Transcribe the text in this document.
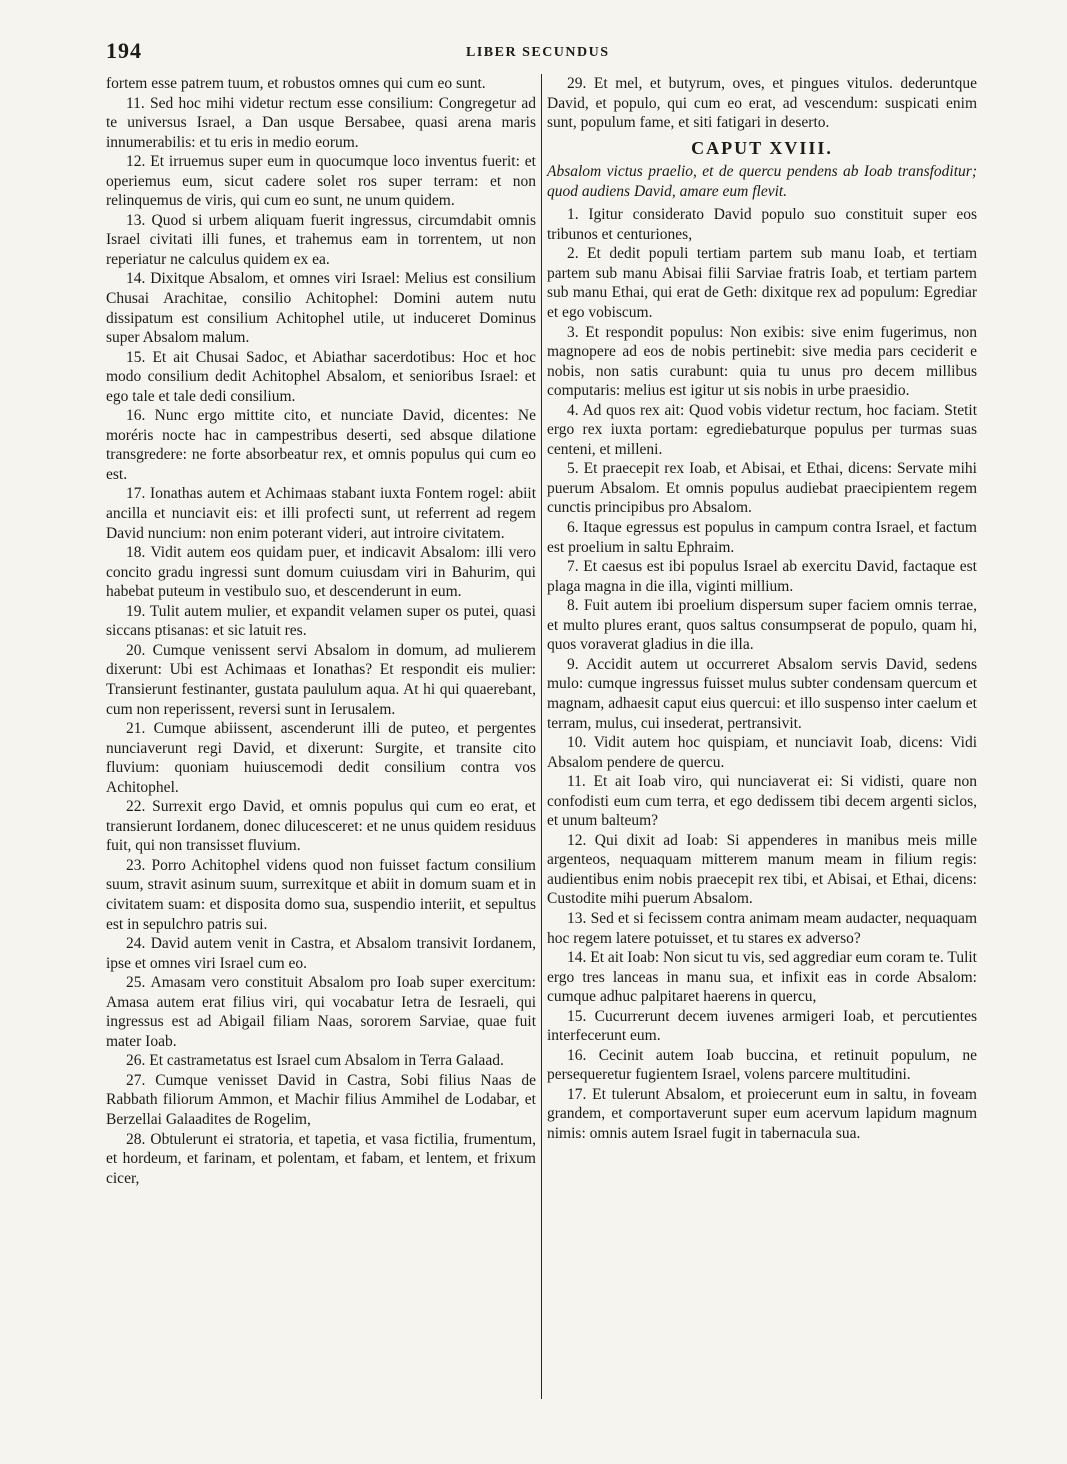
194	LIBER SECUNDUS

fortem esse patrem tuum, et robustos omnes qui cum eo sunt.

11. Sed hoc mihi videtur rectum esse consilium: Congregetur ad te universus Israel, a Dan usque Bersabee, quasi arena maris innumerabilis: et tu eris in medio eorum.

12. Et irruemus super eum in quocumque loco inventus fuerit: et operiemus eum, sicut cadere solet ros super terram: et non relinquemus de viris, qui cum eo sunt, ne unum quidem.

13. Quod si urbem aliquam fuerit ingressus, circumdabit omnis Israel civitati illi funes, et trahemus eam in torrentem, ut non reperiatur ne calculus quidem ex ea.

14. Dixitque Absalom, et omnes viri Israel: Melius est consilium Chusai Arachitae, consilio Achitophel: Domini autem nutu dissipatum est consilium Achitophel utile, ut induceret Dominus super Absalom malum.

15. Et ait Chusai Sadoc, et Abiathar sacerdotibus: Hoc et hoc modo consilium dedit Achitophel Absalom, et senioribus Israel: et ego tale et tale dedi consilium.

16. Nunc ergo mittite cito, et nunciate David, dicentes: Ne moréris nocte hac in campestribus deserti, sed absque dilatione transgredere: ne forte absorbeatur rex, et omnis populus qui cum eo est.

17. Ionathas autem et Achimaas stabant iuxta Fontem rogel: abiit ancilla et nunciavit eis: et illi profecti sunt, ut referrent ad regem David nuncium: non enim poterant videri, aut introire civitatem.

18. Vidit autem eos quidam puer, et indicavit Absalom: illi vero concito gradu ingressi sunt domum cuiusdam viri in Bahurim, qui habebat puteum in vestibulo suo, et descenderunt in eum.

19. Tulit autem mulier, et expandit velamen super os putei, quasi siccans ptisanas: et sic latuit res.

20. Cumque venissent servi Absalom in domum, ad mulierem dixerunt: Ubi est Achimaas et Ionathas? Et respondit eis mulier: Transierunt festinanter, gustata paululum aqua. At hi qui quaerebant, cum non reperissent, reversi sunt in Ierusalem.

21. Cumque abiissent, ascenderunt illi de puteo, et pergentes nunciaverunt regi David, et dixerunt: Surgite, et transite cito fluvium: quoniam huiuscemodi dedit consilium contra vos Achitophel.

22. Surrexit ergo David, et omnis populus qui cum eo erat, et transierunt Iordanem, donec dilucesceret: et ne unus quidem residuus fuit, qui non transisset fluvium.

23. Porro Achitophel videns quod non fuisset factum consilium suum, stravit asinum suum, surrexitque et abiit in domum suam et in civitatem suam: et disposita domo sua, suspendio interiit, et sepultus est in sepulchro patris sui.

24. David autem venit in Castra, et Absalom transivit Iordanem, ipse et omnes viri Israel cum eo.

25. Amasam vero constituit Absalom pro Ioab super exercitum: Amasa autem erat filius viri, qui vocabatur Ietra de Iesraeli, qui ingressus est ad Abigail filiam Naas, sororem Sarviae, quae fuit mater Ioab.

26. Et castrametatus est Israel cum Absalom in Terra Galaad.

27. Cumque venisset David in Castra, Sobi filius Naas de Rabbath filiorum Ammon, et Machir filius Ammihel de Lodabar, et Berzellai Galaadites de Rogelim,

28. Obtulerunt ei stratoria, et tapetia, et vasa fictilia, frumentum, et hordeum, et farinam, et polentam, et fabam, et lentem, et frixum cicer,

29. Et mel, et butyrum, oves, et pingues vitulos. dederuntque David, et populo, qui cum eo erat, ad vescendum: suspicati enim sunt, populum fame, et siti fatigari in deserto.

CAPUT XVIII.
Absalom victus praelio, et de quercu pendens ab Ioab transfoditur; quod audiens David, amare eum flevit.

1. Igitur considerato David populo suo constituit super eos tribunos et centuriones,

2. Et dedit populi tertiam partem sub manu Ioab, et tertiam partem sub manu Abisai filii Sarviae fratris Ioab, et tertiam partem sub manu Ethai, qui erat de Geth: dixitque rex ad populum: Egrediar et ego vobiscum.

3. Et respondit populus: Non exibis: sive enim fugerimus, non magnopere ad eos de nobis pertinebit: sive media pars ceciderit e nobis, non satis curabunt: quia tu unus pro decem millibus computaris: melius est igitur ut sis nobis in urbe praesidio.

4. Ad quos rex ait: Quod vobis videtur rectum, hoc faciam. Stetit ergo rex iuxta portam: egrediebaturque populus per turmas suas centeni, et milleni.

5. Et praecepit rex Ioab, et Abisai, et Ethai, dicens: Servate mihi puerum Absalom. Et omnis populus audiebat praecipientem regem cunctis principibus pro Absalom.

6. Itaque egressus est populus in campum contra Israel, et factum est proelium in saltu Ephraim.

7. Et caesus est ibi populus Israel ab exercitu David, factaque est plaga magna in die illa, viginti millium.

8. Fuit autem ibi proelium dispersum super faciem omnis terrae, et multo plures erant, quos saltus consumpserat de populo, quam hi, quos voraverat gladius in die illa.

9. Accidit autem ut occurreret Absalom servis David, sedens mulo: cumque ingressus fuisset mulus subter condensam quercum et magnam, adhaesit caput eius quercui: et illo suspenso inter caelum et terram, mulus, cui insederat, pertransivit.

10. Vidit autem hoc quispiam, et nunciavit Ioab, dicens: Vidi Absalom pendere de quercu.

11. Et ait Ioab viro, qui nunciaverat ei: Si vidisti, quare non confodisti eum cum terra, et ego dedissem tibi decem argenti siclos, et unum balteum?

12. Qui dixit ad Ioab: Si appenderes in manibus meis mille argenteos, nequaquam mitterem manum meam in filium regis: audientibus enim nobis praecepit rex tibi, et Abisai, et Ethai, dicens: Custodite mihi puerum Absalom.

13. Sed et si fecissem contra animam meam audacter, nequaquam hoc regem latere potuisset, et tu stares ex adverso?

14. Et ait Ioab: Non sicut tu vis, sed aggrediar eum coram te. Tulit ergo tres lanceas in manu sua, et infixit eas in corde Absalom: cumque adhuc palpitaret haerens in quercu,

15. Cucurrerunt decem iuvenes armigeri Ioab, et percutientes interfecerunt eum.

16. Cecinit autem Ioab buccina, et retinuit populum, ne persequeretur fugientem Israel, volens parcere multitudini.

17. Et tulerunt Absalom, et proiecerunt eum in saltu, in foveam grandem, et comportaverunt super eum acervum lapidum magnum nimis: omnis autem Israel fugit in tabernacula sua.
